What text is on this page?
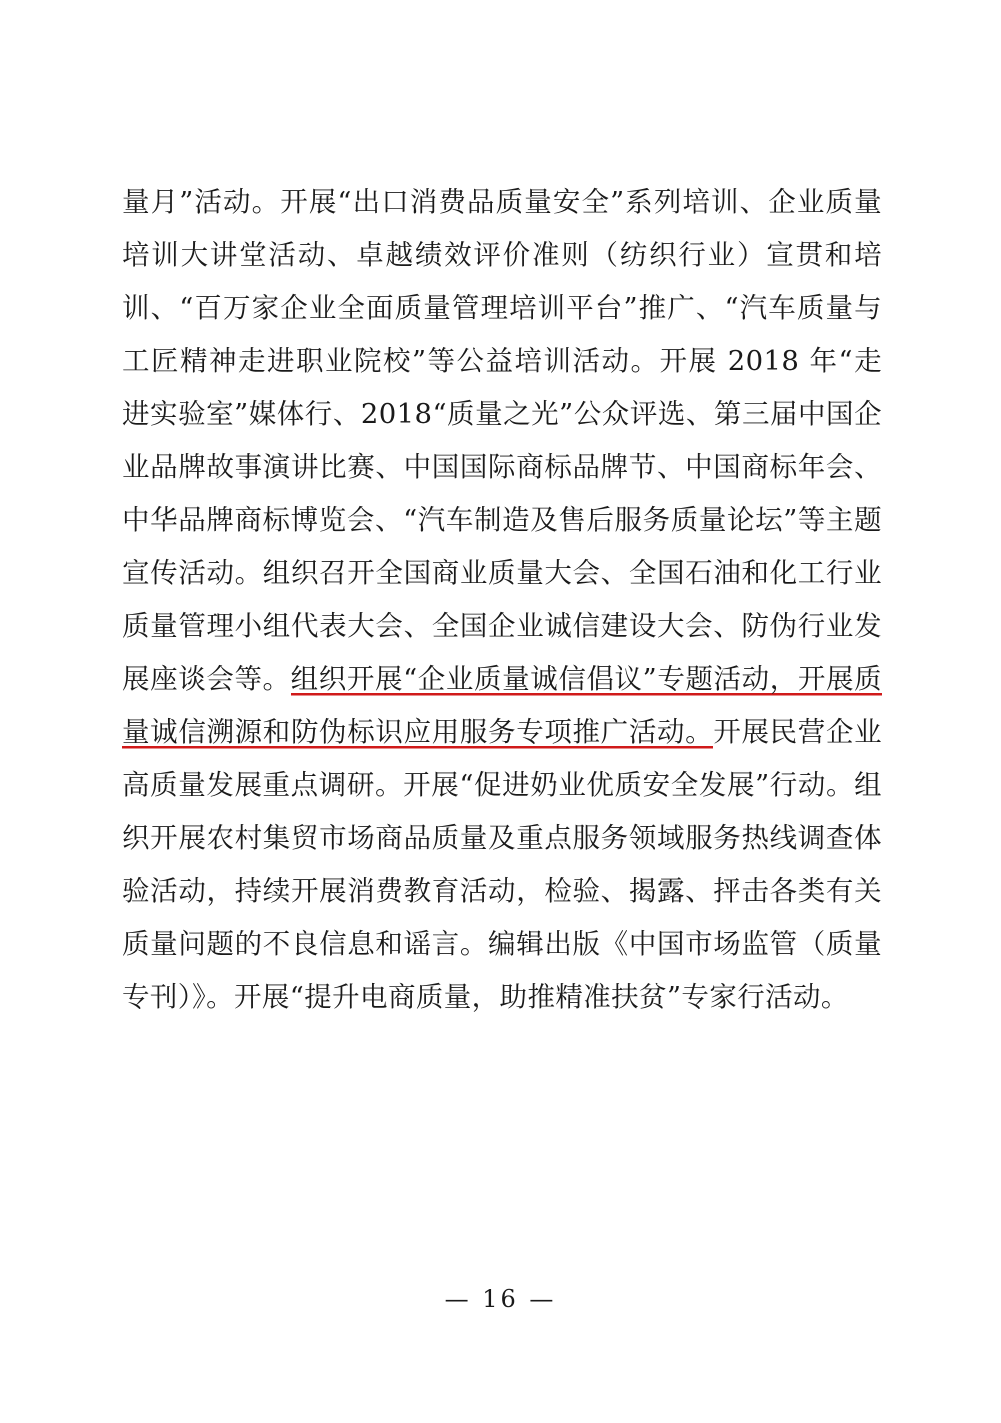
量月”活动。开展“出口消费品质量安全”系列培训、企业质量培训大讲堂活动、卓越绩效评价准则（纺织行业）宣贯和培训、“百万家企业全面质量管理培训平台”推广、“汽车质量与工匠精神走进职业院校”等公益培训活动。开展 2018 年“走进实验室”媒体行、2018“质量之光”公众评选、第三届中国企业品牌故事演讲比赛、中国国际商标品牌节、中国商标年会、中华品牌商标博览会、“汽车制造及售后服务质量论坛”等主题宣传活动。组织召开全国商业质量大会、全国石油和化工行业质量管理小组代表大会、全国企业诚信建设大会、防伪行业发展座谈会等。组织开展“企业质量诚信倡议”专题活动，开展质量诚信溯源和防伪标识应用服务专项推广活动。开展民营企业高质量发展重点调研。开展“促进奶业优质安全发展”行动。组织开展农村集贸市场商品质量及重点服务领域服务热线调查体验活动，持续开展消费教育活动，检验、揭露、抨击各类有关质量问题的不良信息和谣言。编辑出版《中国市场监管（质量专刊）》。开展“提升电商质量，助推精准扶贫”专家行活动。

— 16 —
